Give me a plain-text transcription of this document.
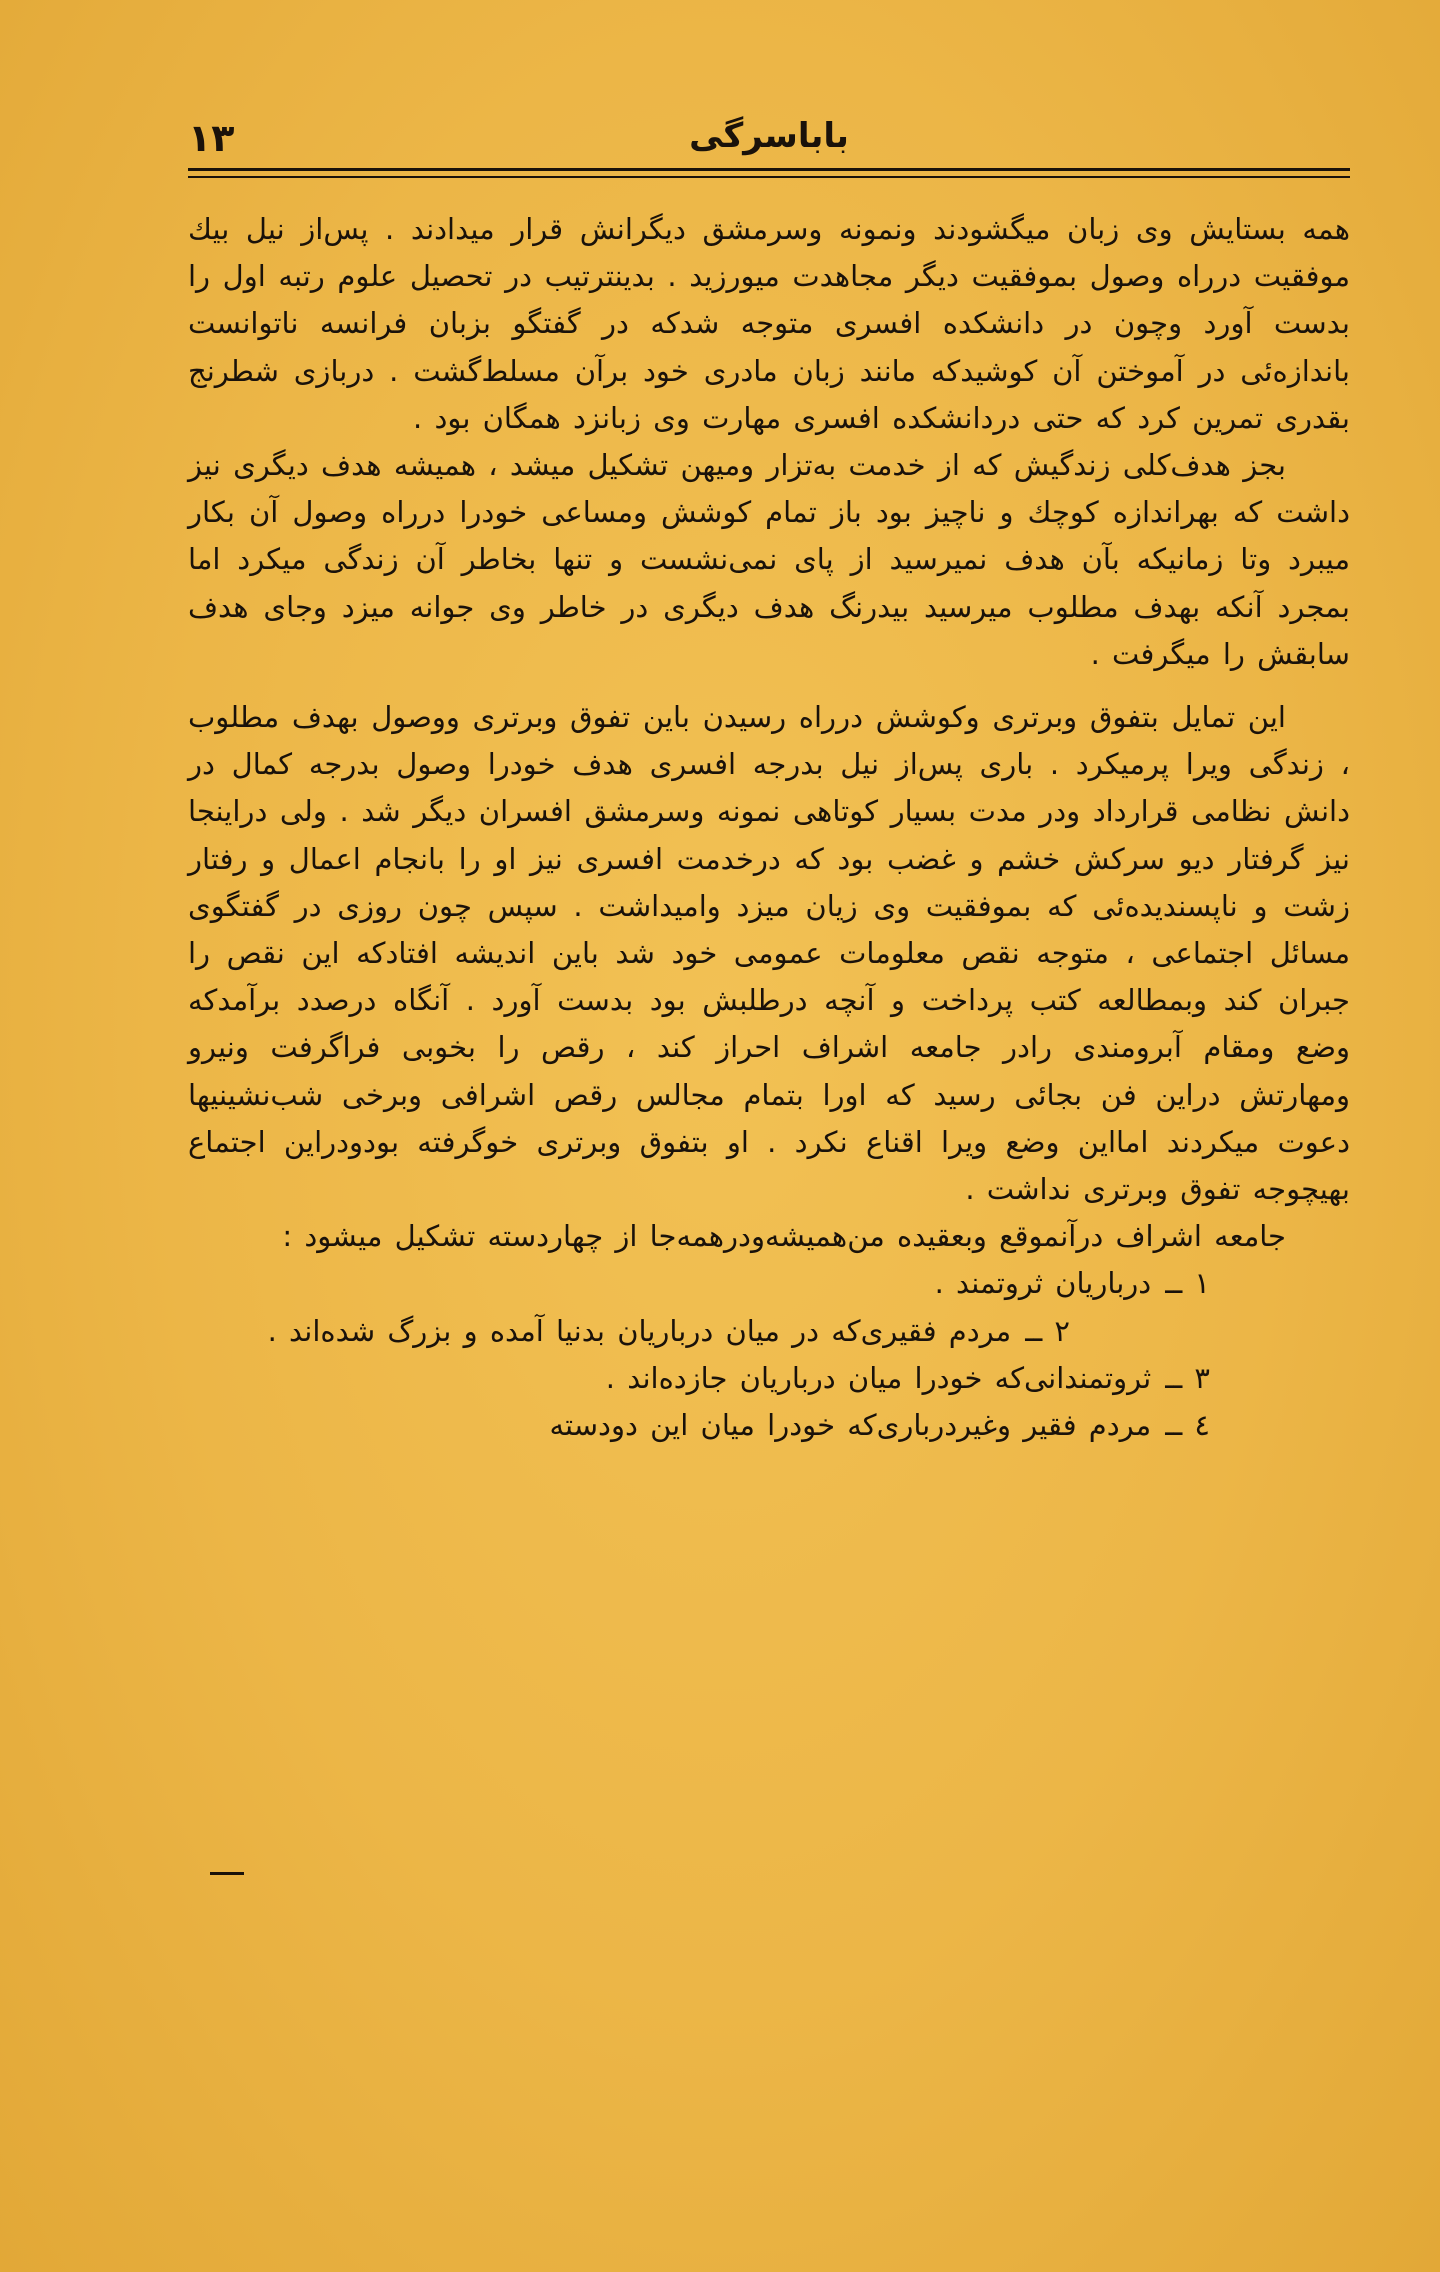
باباسرگی
١٣

همه بستایش وی زبان میگشودند ونمونه وسرمشق دیگرانش قرار میدادند . پس‌از نیل بیك موفقیت درراه وصول بموفقیت دیگر مجاهدت میورزید . بدینترتیب در تحصیل علوم رتبه اول را بدست آورد وچون در دانشکده افسری متوجه شدکه در گفتگو بزبان فرانسه ناتوانست باندازه‌ئی در آموختن آن کوشیدکه مانند زبان مادری خود برآن مسلط‌گشت . دربازی شطرنج بقدری تمرین کرد که حتی دردانشکده افسری مهارت وی زبانزد همگان بود .

بجز هدف‌کلی زندگیش که از خدمت به‌تزار ومیهن تشکیل میشد ، همیشه هدف دیگری نیز داشت که بهراندازه کوچك و ناچیز بود باز تمام کوشش ومساعی خودرا درراه وصول آن بکار میبرد وتا زمانیکه بآن هدف نمیرسید از پای نمی‌نشست و تنها بخاطر آن زندگی میکرد اما بمجرد آنکه بهدف مطلوب میرسید بیدرنگ هدف دیگری در خاطر وی جوانه میزد وجای هدف سابقش را میگرفت .

این تمایل بتفوق وبرتری وکوشش درراه رسیدن باین تفوق وبرتری ووصول بهدف مطلوب ، زندگی ویرا پرمیکرد . باری پس‌از نیل بدرجه افسری هدف خودرا وصول بدرجه کمال در دانش نظامی قرارداد ودر مدت بسیار کوتاهی نمونه وسرمشق افسران دیگر شد . ولی دراینجا نیز گرفتار دیو سرکش خشم و غضب بود که درخدمت افسری نیز او را بانجام اعمال و رفتار زشت و ناپسندیده‌ئی که بموفقیت وی زیان میزد وامیداشت . سپس چون روزی در گفتگوی مسائل اجتماعی ، متوجه نقص معلومات عمومی خود شد باین اندیشه افتادکه این نقص را جبران کند وبمطالعه کتب پرداخت و آنچه درطلبش بود بدست آورد . آنگاه درصدد برآمدکه وضع ومقام آبرومندی رادر جامعه اشراف احراز کند ، رقص را بخوبی فراگرفت ونیرو ومهارتش دراین فن بجائی رسید که اورا بتمام مجالس رقص اشرافی وبرخی شب‌نشینیها دعوت میکردند امااین وضع ویرا اقناع نکرد . او بتفوق وبرتری خوگرفته بودودراین اجتماع بهیچوجه تفوق وبرتری نداشت .

جامعه اشراف درآنموقع وبعقیده من‌همیشه‌ودرهمه‌جا از چهاردسته تشکیل میشود :

۱ ــدرباریان ثروتمند .
۲ ــمردم فقیری‌که در میان درباریان بدنیا آمده و بزرگ شده‌اند .
۳ ــثروتمندانی‌که خودرا میان درباریان جازده‌اند .
٤ ــمردم فقیر وغیردرباری‌که خودرا میان این دودسته
